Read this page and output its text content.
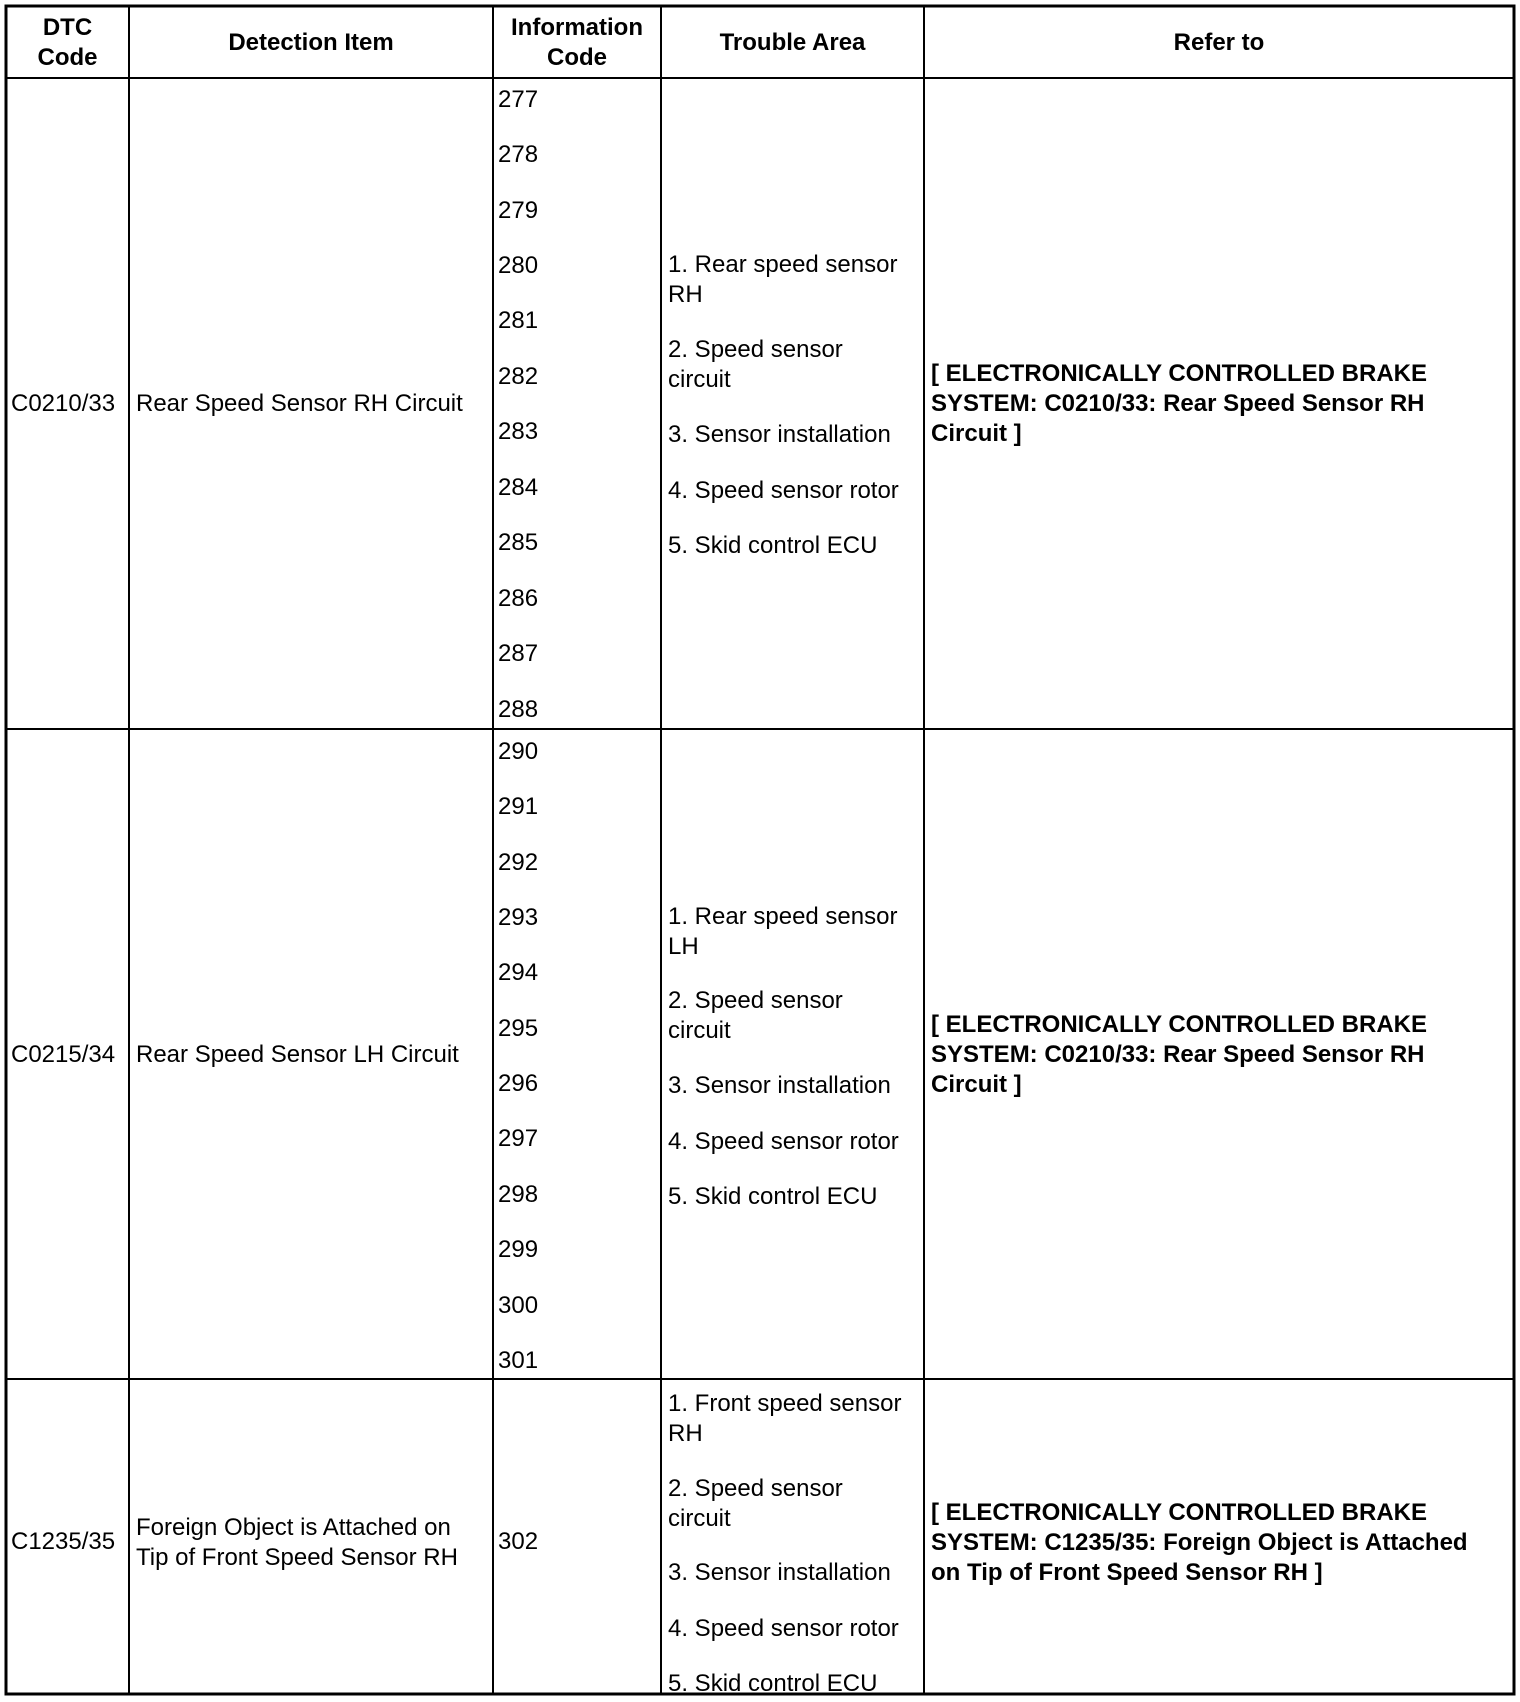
DTC
Code
Detection Item
Information
Code
Trouble Area	Refer to
C0210/33 Rear Speed Sensor RH Circuit
277
278
279
280
281
282
283
284
285
286
287
288
1. Rear speed sensor
RH
2. Speed sensor
circuit
3. Sensor installation
4. Speed sensor rotor
5. Skid control ECU
[ ELECTRONICALLY CONTROLLED BRAKE
SYSTEM: C0210/33: Rear Speed Sensor RH
Circuit ]
C0215/34 Rear Speed Sensor LH Circuit
290
291
292
293
294
295
296
297
298
299
300
301
1. Rear speed sensor
LH
2. Speed sensor
circuit
3. Sensor installation
4. Speed sensor rotor
5. Skid control ECU
[ ELECTRONICALLY CONTROLLED BRAKE
SYSTEM: C0210/33: Rear Speed Sensor RH
Circuit ]
C1235/35
Foreign Object is Attached on
Tip of Front Speed Sensor RH
302
1. Front speed sensor
RH
2. Speed sensor
circuit
3. Sensor installation
4. Speed sensor rotor
5. Skid control ECU
[ ELECTRONICALLY CONTROLLED BRAKE
SYSTEM: C1235/35: Foreign Object is Attached
on Tip of Front Speed Sensor RH ]
